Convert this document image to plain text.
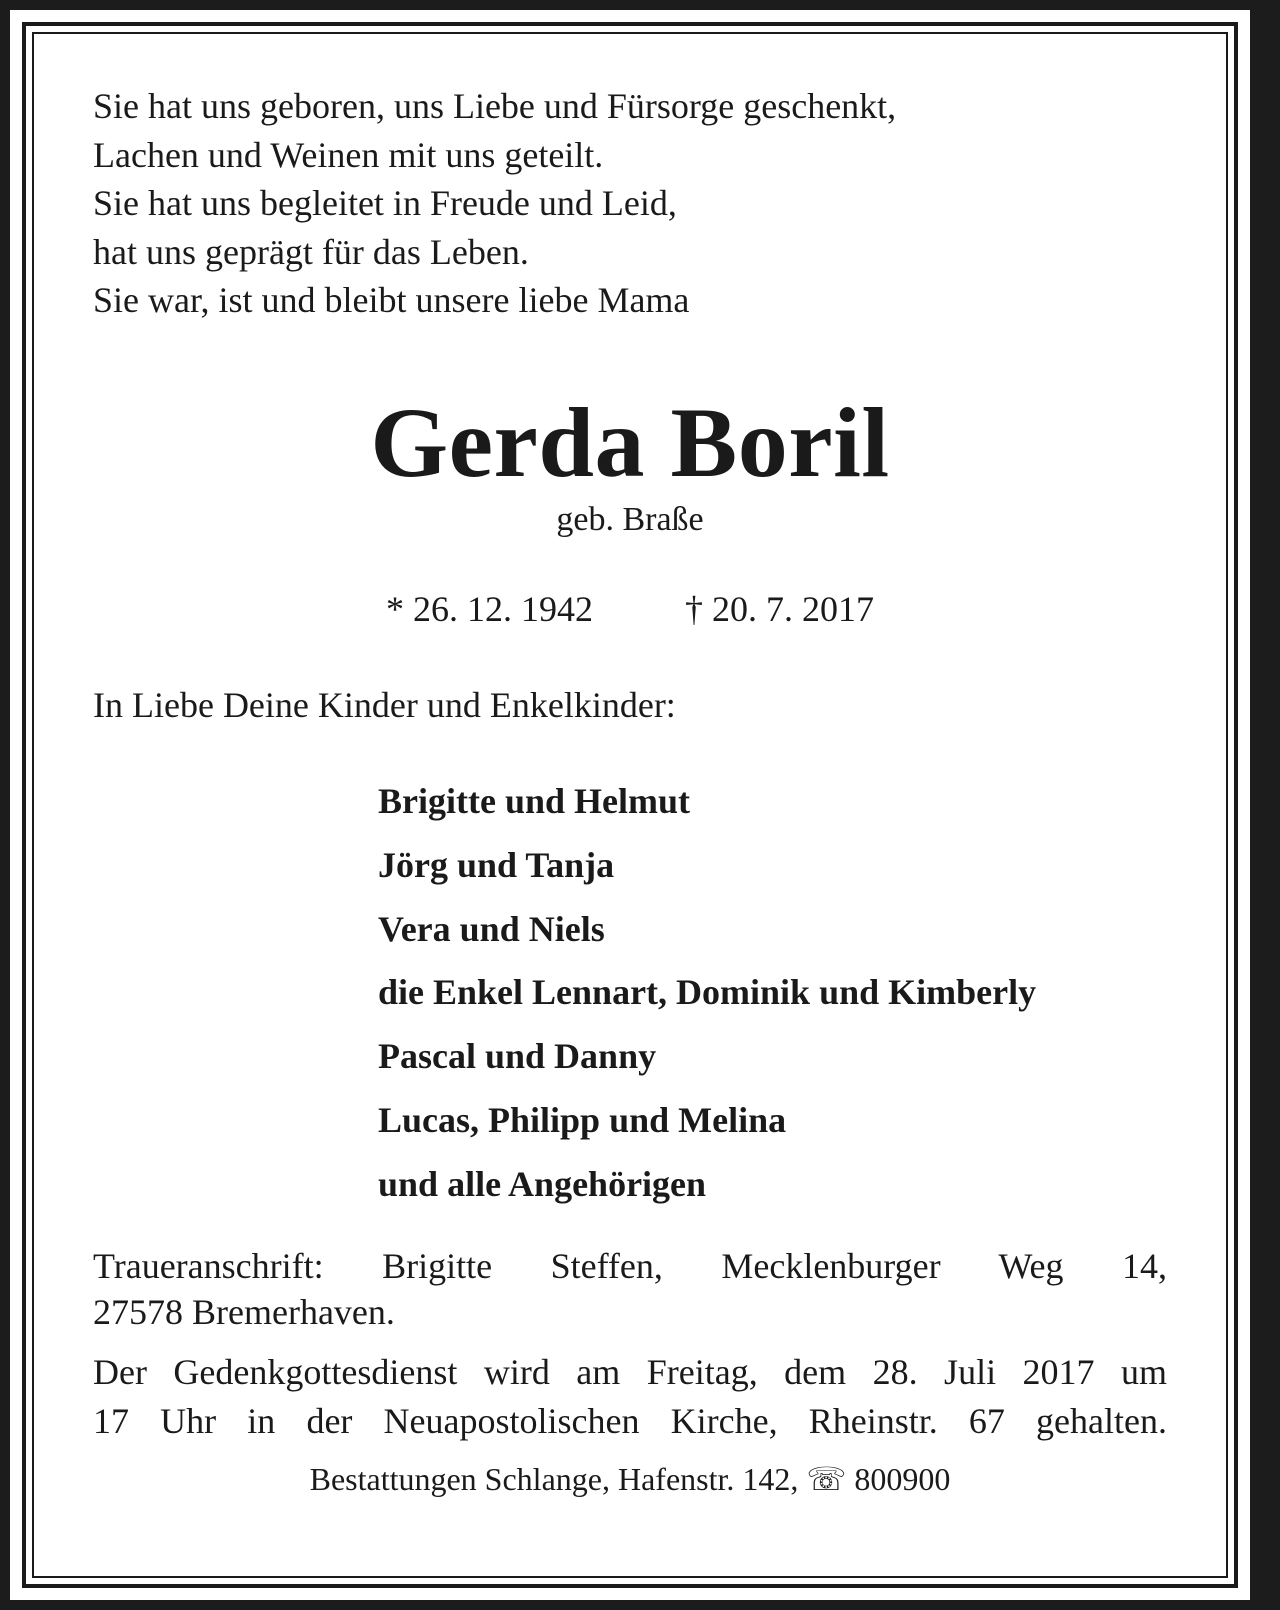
Sie hat uns geboren, uns Liebe und Fürsorge geschenkt,
Lachen und Weinen mit uns geteilt.
Sie hat uns begleitet in Freude und Leid,
hat uns geprägt für das Leben.
Sie war, ist und bleibt unsere liebe Mama

Gerda Boril
geb. Braße
* 26. 12. 1942	† 20. 7. 2017
In Liebe Deine Kinder und Enkelkinder:
Brigitte und Helmut
Jörg und Tanja
Vera und Niels
die Enkel Lennart, Dominik und Kimberly
Pascal und Danny
Lucas, Philipp und Melina
und alle Angehörigen

Traueranschrift: Brigitte Steffen, Mecklenburger Weg 14,
27578 Bremerhaven.

Der Gedenkgottesdienst wird am Freitag, dem 28. Juli 2017 um
17 Uhr in der Neuapostolischen Kirche, Rheinstr. 67 gehalten.

Bestattungen Schlange, Hafenstr. 142, ☏ 800900
